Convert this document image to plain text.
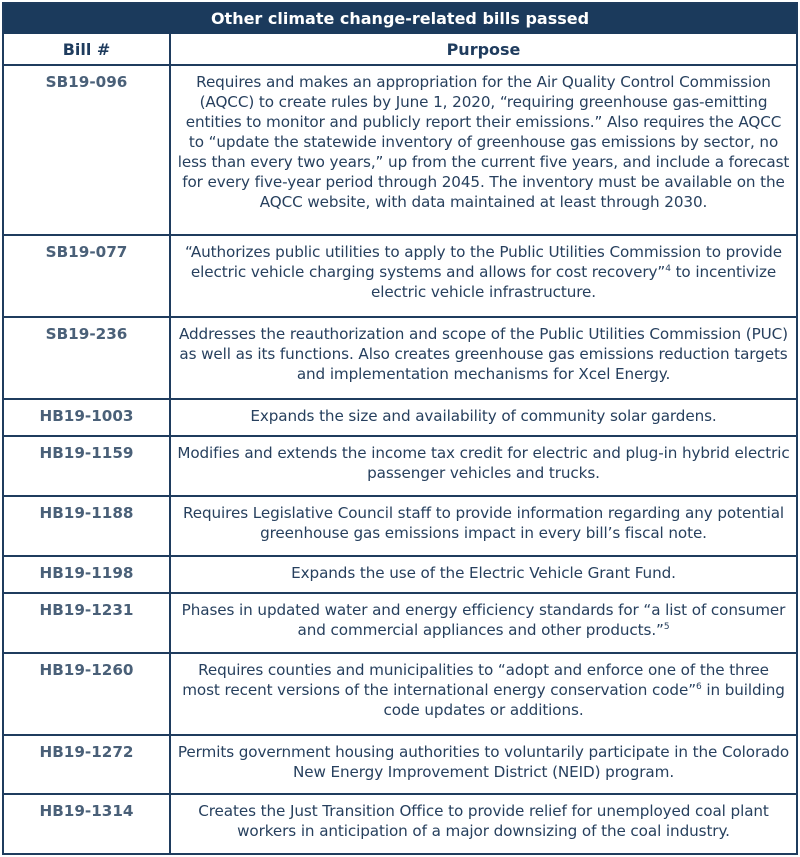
Other climate change-related bills passed
Bill #	Purpose
SB19-096	Requires and makes an appropriation for the Air Quality Control Commission (AQCC) to create rules by June 1, 2020, “requiring greenhouse gas-emitting entities to monitor and publicly report their emissions.” Also requires the AQCC to “update the statewide inventory of greenhouse gas emissions by sector, no less than every two years,” up from the current five years, and include a forecast for every five-year period through 2045. The inventory must be available on the AQCC website, with data maintained at least through 2030.
SB19-077	“Authorizes public utilities to apply to the Public Utilities Commission to provide electric vehicle charging systems and allows for cost recovery”$^4$ to incentivize electric vehicle infrastructure.
SB19-236	Addresses the reauthorization and scope of the Public Utilities Commission (PUC) as well as its functions. Also creates greenhouse gas emissions reduction targets and implementation mechanisms for Xcel Energy.
HB19-1003	Expands the size and availability of community solar gardens.
HB19-1159	Modifies and extends the income tax credit for electric and plug-in hybrid electric passenger vehicles and trucks.
HB19-1188	Requires Legislative Council staff to provide information regarding any potential greenhouse gas emissions impact in every bill’s fiscal note.
HB19-1198	Expands the use of the Electric Vehicle Grant Fund.
HB19-1231	Phases in updated water and energy efficiency standards for “a list of consumer and commercial appliances and other products.”$^5$
HB19-1260	Requires counties and municipalities to “adopt and enforce one of the three most recent versions of the international energy conservation code”$^6$ in building code updates or additions.
HB19-1272	Permits government housing authorities to voluntarily participate in the Colorado New Energy Improvement District (NEID) program.
HB19-1314	Creates the Just Transition Office to provide relief for unemployed coal plant workers in anticipation of a major downsizing of the coal industry.
